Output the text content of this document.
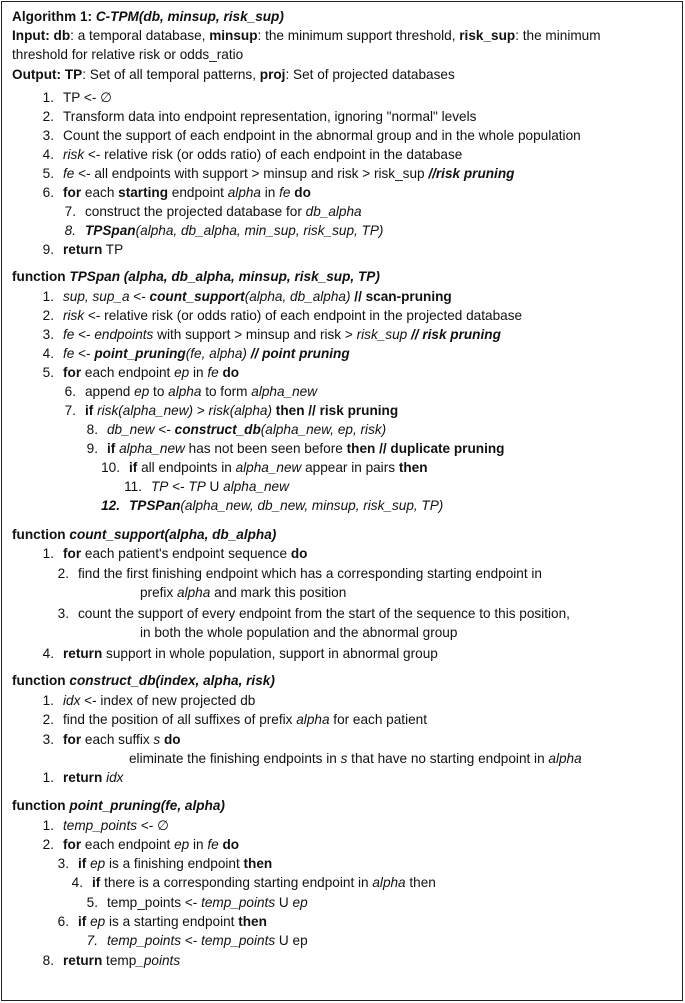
Algorithm 1: C-TPM(db, minsup, risk_sup)
Input: db: a temporal database, minsup: the minimum support threshold, risk_sup: the minimum
threshold for relative risk or odds_ratio
Output: TP: Set of all temporal patterns, proj: Set of projected databases
1. TP <- ∅
2. Transform data into endpoint representation, ignoring "normal" levels
3. Count the support of each endpoint in the abnormal group and in the whole population
4. risk <- relative risk (or odds ratio) of each endpoint in the database
5. fe <- all endpoints with support > minsup and risk > risk_sup //risk pruning
6. for each starting endpoint alpha in fe do
7. construct the projected database for db_alpha
8. TPSpan(alpha, db_alpha, min_sup, risk_sup, TP)
9. return TP
function TPSpan (alpha, db_alpha, minsup, risk_sup, TP)
1. sup, sup_a <- count_support(alpha, db_alpha) // scan-pruning
2. risk <- relative risk (or odds ratio) of each endpoint in the projected database
3. fe <- endpoints with support > minsup and risk > risk_sup // risk pruning
4. fe <- point_pruning(fe, alpha) // point pruning
5. for each endpoint ep in fe do
6. append ep to alpha to form alpha_new
7. if risk(alpha_new) > risk(alpha) then // risk pruning
8. db_new <- construct_db(alpha_new, ep, risk)
9. if alpha_new has not been seen before then // duplicate pruning
10. if all endpoints in alpha_new appear in pairs then
11. TP <- TP U alpha_new
12. TPSPan(alpha_new, db_new, minsup, risk_sup, TP)
function count_support(alpha, db_alpha)
1. for each patient's endpoint sequence do
2. find the first finishing endpoint which has a corresponding starting endpoint in
prefix alpha and mark this position
3. count the support of every endpoint from the start of the sequence to this position,
in both the whole population and the abnormal group
4. return support in whole population, support in abnormal group
function construct_db(index, alpha, risk)
1. idx <- index of new projected db
2. find the position of all suffixes of prefix alpha for each patient
3. for each suffix s do
eliminate the finishing endpoints in s that have no starting endpoint in alpha
1. return idx
function point_pruning(fe, alpha)
1. temp_points <- ∅
2. for each endpoint ep in fe do
3. if ep is a finishing endpoint then
4. if there is a corresponding starting endpoint in alpha then
5. temp_points <- temp_points U ep
6. if ep is a starting endpoint then
7. temp_points <- temp_points U ep
8. return temp_points
